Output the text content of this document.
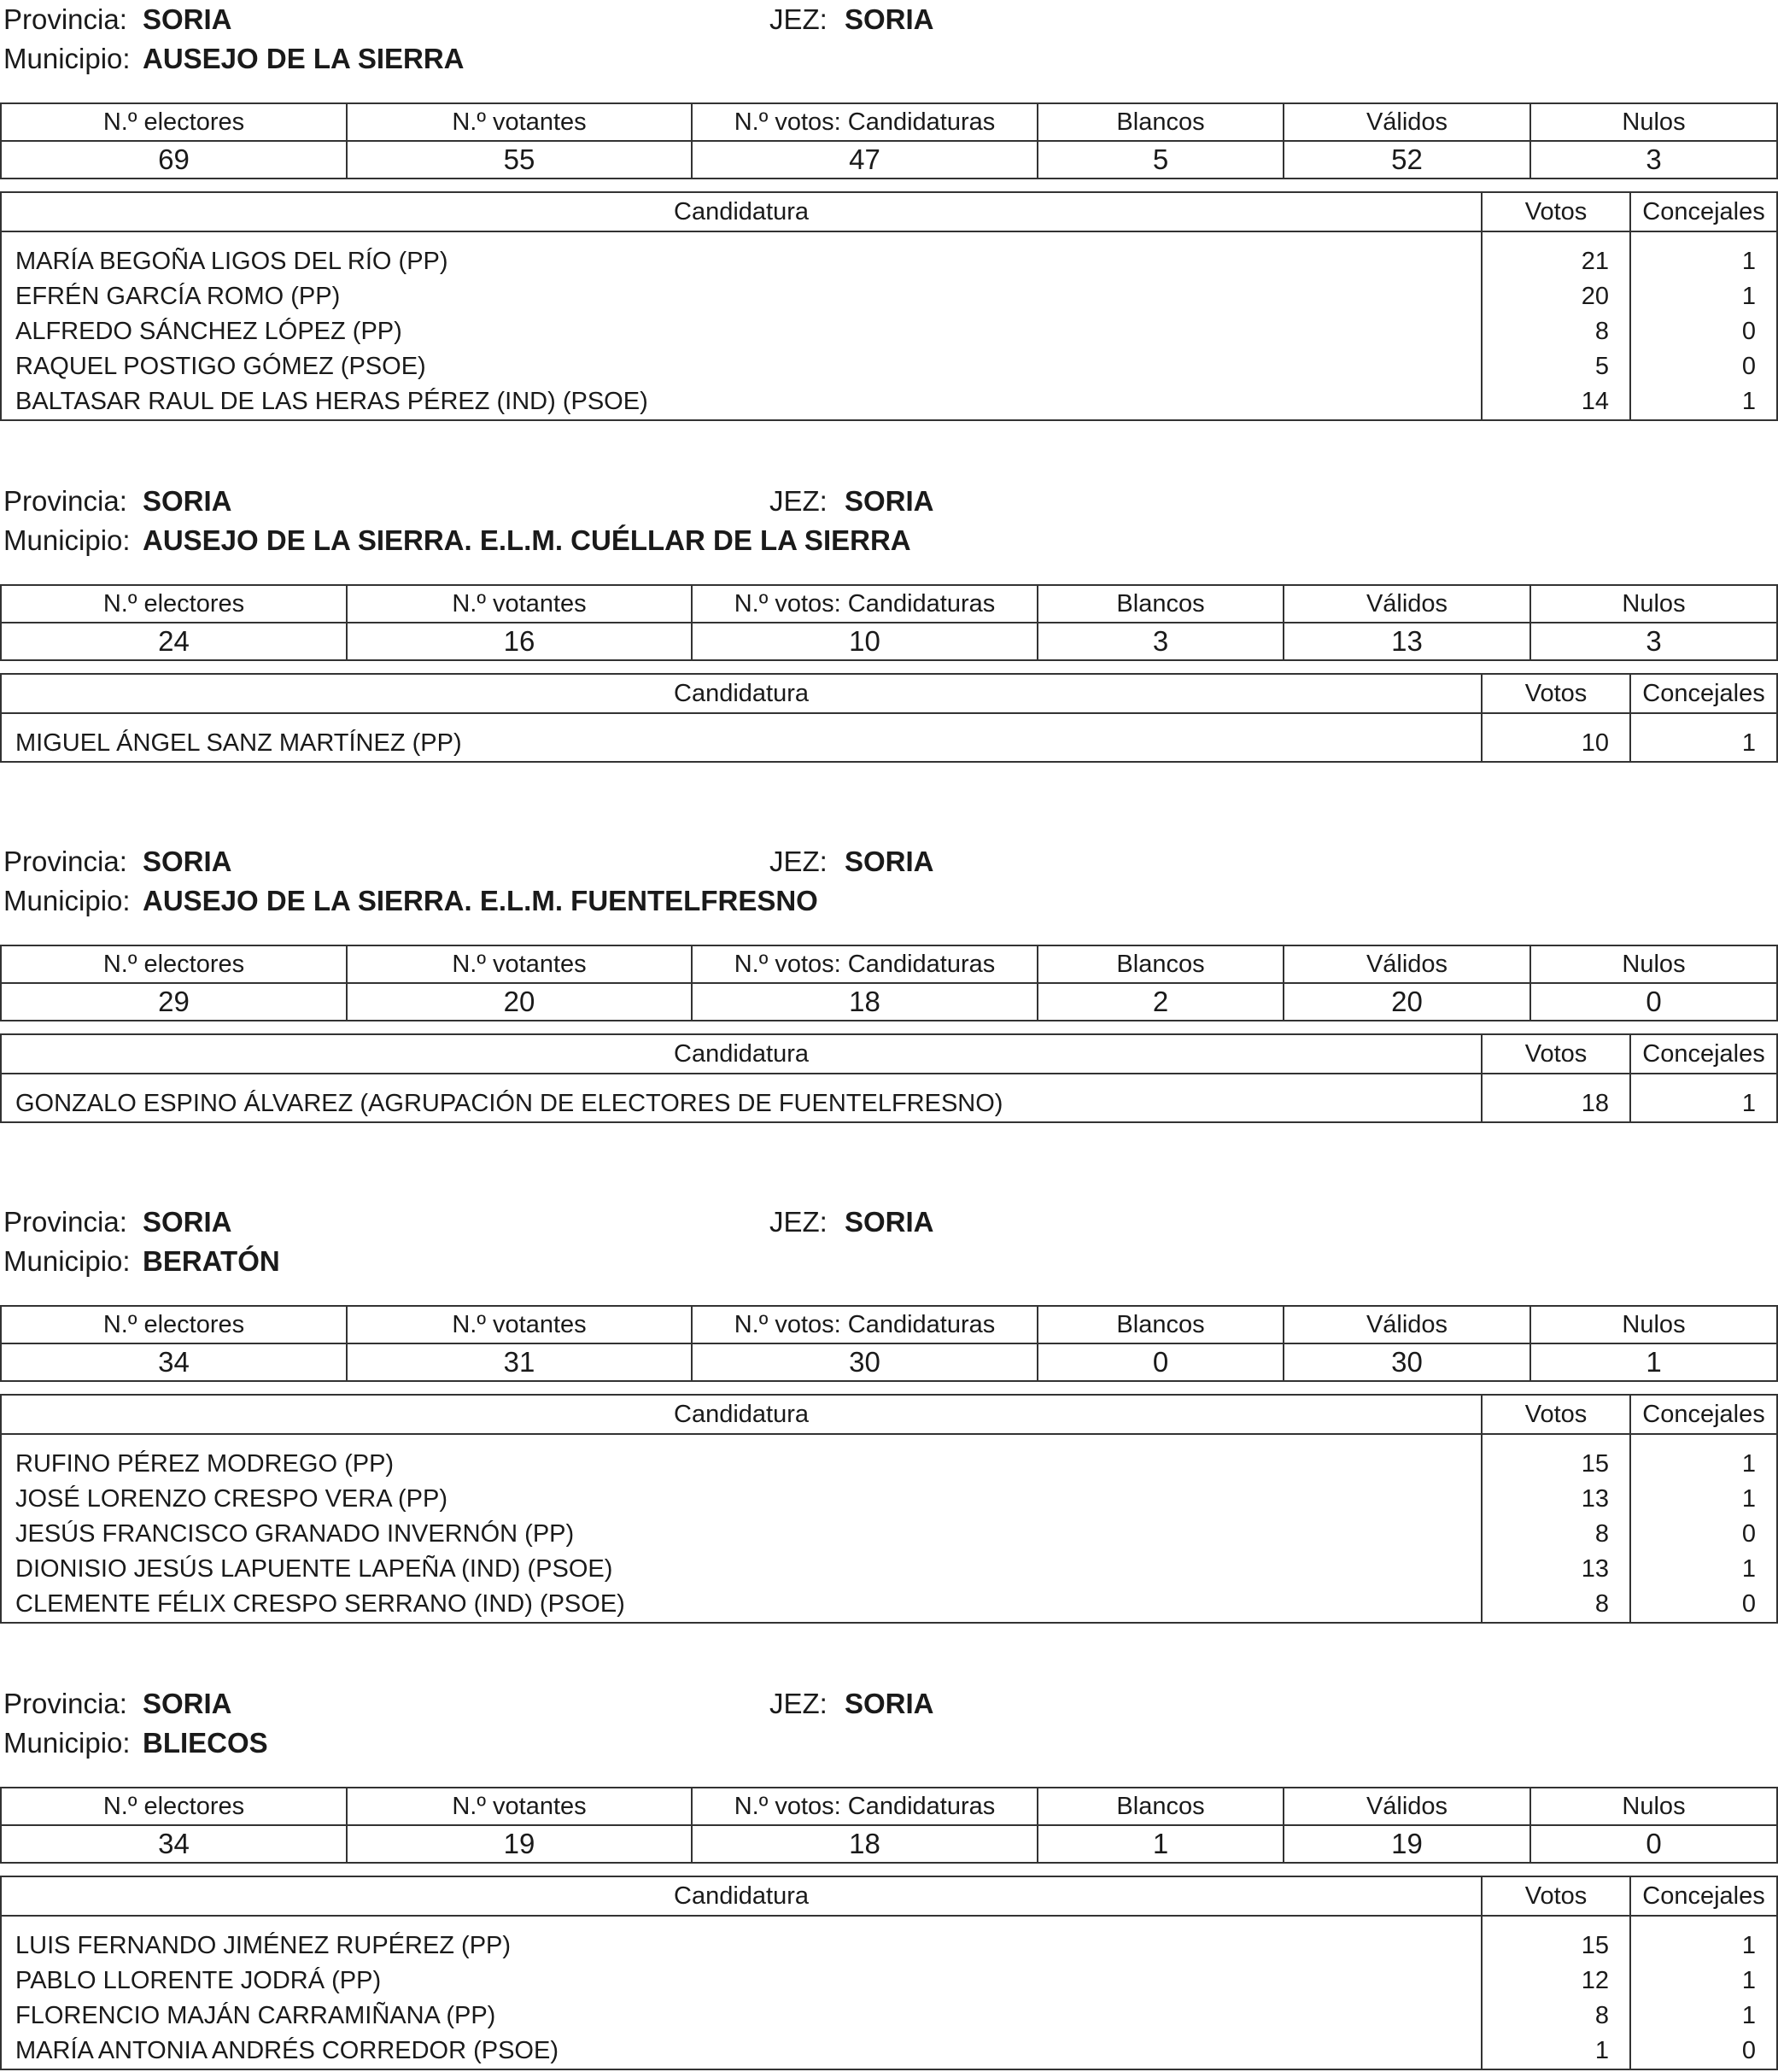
Provincia: SORIA	JEZ: SORIA
Municipio: AUSEJO DE LA SIERRA
N.º electores	N.º votantes	N.º votos: Candidaturas	Blancos	Válidos	Nulos
69	55	47	5	52	3
Candidatura	Votos	Concejales
MARÍA BEGOÑA LIGOS DEL RÍO (PP)	21	1
EFRÉN GARCÍA ROMO (PP)	20	1
ALFREDO SÁNCHEZ LÓPEZ (PP)	8	0
RAQUEL POSTIGO GÓMEZ (PSOE)	5	0
BALTASAR RAUL DE LAS HERAS PÉREZ (IND) (PSOE)	14	1
Provincia: SORIA	JEZ: SORIA
Municipio: AUSEJO DE LA SIERRA. E.L.M. CUÉLLAR DE LA SIERRA
N.º electores	N.º votantes	N.º votos: Candidaturas	Blancos	Válidos	Nulos
24	16	10	3	13	3
Candidatura	Votos	Concejales
MIGUEL ÁNGEL SANZ MARTÍNEZ (PP)	10	1
Provincia: SORIA	JEZ: SORIA
Municipio: AUSEJO DE LA SIERRA. E.L.M. FUENTELFRESNO
N.º electores	N.º votantes	N.º votos: Candidaturas	Blancos	Válidos	Nulos
29	20	18	2	20	0
Candidatura	Votos	Concejales
GONZALO ESPINO ÁLVAREZ (AGRUPACIÓN DE ELECTORES DE FUENTELFRESNO)	18	1
Provincia: SORIA	JEZ: SORIA
Municipio: BERATÓN
N.º electores	N.º votantes	N.º votos: Candidaturas	Blancos	Válidos	Nulos
34	31	30	0	30	1
Candidatura	Votos	Concejales
RUFINO PÉREZ MODREGO (PP)	15	1
JOSÉ LORENZO CRESPO VERA (PP)	13	1
JESÚS FRANCISCO GRANADO INVERNÓN (PP)	8	0
DIONISIO JESÚS LAPUENTE LAPEÑA (IND) (PSOE)	13	1
CLEMENTE FÉLIX CRESPO SERRANO (IND) (PSOE)	8	0
Provincia: SORIA	JEZ: SORIA
Municipio: BLIECOS
N.º electores	N.º votantes	N.º votos: Candidaturas	Blancos	Válidos	Nulos
34	19	18	1	19	0
Candidatura	Votos	Concejales
LUIS FERNANDO JIMÉNEZ RUPÉREZ (PP)	15	1
PABLO LLORENTE JODRÁ (PP)	12	1
FLORENCIO MAJÁN CARRAMIÑANA (PP)	8	1
MARÍA ANTONIA ANDRÉS CORREDOR (PSOE)	1	0
